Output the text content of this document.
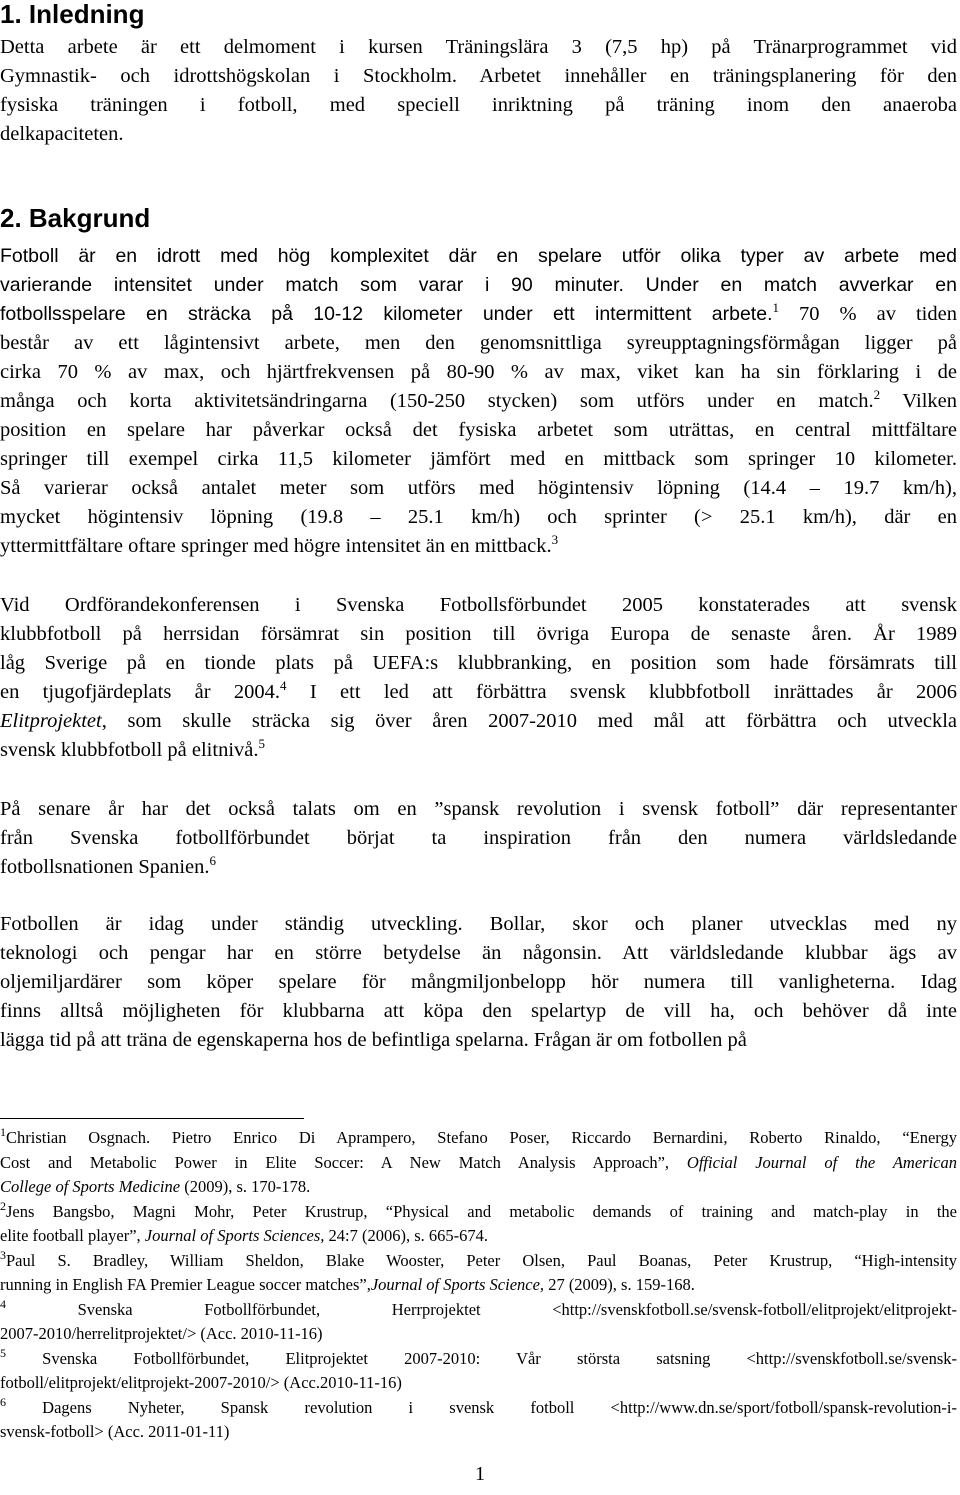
1. Inledning
Detta arbete är ett delmoment i kursen Träningslära 3 (7,5 hp) på Tränarprogrammet vid
Gymnastik- och idrottshögskolan i Stockholm. Arbetet innehåller en träningsplanering för den
fysiska träningen i fotboll, med speciell inriktning på träning inom den anaeroba
delkapaciteten.
2. Bakgrund
Fotboll är en idrott med hög komplexitet där en spelare utför olika typer av arbete med
varierande intensitet under match som varar i 90 minuter. Under en match avverkar en
fotbollsspelare en sträcka på 10-12 kilometer under ett intermittent arbete.$^1$ 70 % av tiden
består av ett lågintensivt arbete, men den genomsnittliga syreupptagningsförmågan ligger på
cirka 70 % av max, och hjärtfrekvensen på 80-90 % av max, viket kan ha sin förklaring i de
många och korta aktivitetsändringarna (150-250 stycken) som utförs under en match.$^2$ Vilken
position en spelare har påverkar också det fysiska arbetet som uträttas, en central mittfältare
springer till exempel cirka 11,5 kilometer jämfört med en mittback som springer 10 kilometer.
Så varierar också antalet meter som utförs med högintensiv löpning (14.4 – 19.7 km/h),
mycket högintensiv löpning (19.8 – 25.1 km/h) och sprinter (> 25.1 km/h), där en
yttermittfältare oftare springer med högre intensitet än en mittback.$^3$
Vid Ordförandekonferensen i Svenska Fotbollsförbundet 2005 konstaterades att svensk
klubbfotboll på herrsidan försämrat sin position till övriga Europa de senaste åren. År 1989
låg Sverige på en tionde plats på UEFA:s klubbranking, en position som hade försämrats till
en tjugofjärdeplats år 2004.$^4$ I ett led att förbättra svensk klubbfotboll inrättades år 2006
Elitprojektet, som skulle sträcka sig över åren 2007-2010 med mål att förbättra och utveckla
svensk klubbfotboll på elitnivå.$^5$
På senare år har det också talats om en ”spansk revolution i svensk fotboll” där representanter
från Svenska fotbollförbundet börjat ta inspiration från den numera världsledande
fotbollsnationen Spanien.$^6$
Fotbollen är idag under ständig utveckling. Bollar, skor och planer utvecklas med ny
teknologi och pengar har en större betydelse än någonsin. Att världsledande klubbar ägs av
oljemiljardärer som köper spelare för mångmiljonbelopp hör numera till vanligheterna. Idag
finns alltså möjligheten för klubbarna att köpa den spelartyp de vill ha, och behöver då inte
lägga tid på att träna de egenskaperna hos de befintliga spelarna. Frågan är om fotbollen på
$^1$Christian Osgnach. Pietro Enrico Di Aprampero, Stefano Poser, Riccardo Bernardini, Roberto Rinaldo, “Energy
Cost and Metabolic Power in Elite Soccer: A New Match Analysis Approach”, Official Journal of the American
College of Sports Medicine (2009), s. 170-178.
$^2$Jens Bangsbo, Magni Mohr, Peter Krustrup, “Physical and metabolic demands of training and match-play in the
elite football player”, Journal of Sports Sciences, 24:7 (2006), s. 665-674.
$^3$Paul S. Bradley, William Sheldon, Blake Wooster, Peter Olsen, Paul Boanas, Peter Krustrup, “High-intensity
running in English FA Premier League soccer matches”,Journal of Sports Science, 27 (2009), s. 159-168.
$^4$ Svenska Fotbollförbundet, Herrprojektet <http://svenskfotboll.se/svensk-fotboll/elitprojekt/elitprojekt-
2007-2010/herrelitprojektet/> (Acc. 2010-11-16)
$^5$ Svenska Fotbollförbundet, Elitprojektet 2007-2010: Vår största satsning <http://svenskfotboll.se/svensk-
fotboll/elitprojekt/elitprojekt-2007-2010/> (Acc.2010-11-16)
$^6$ Dagens Nyheter, Spansk revolution i svensk fotboll <http://www.dn.se/sport/fotboll/spansk-revolution-i-
svensk-fotboll> (Acc. 2011-01-11)
1
